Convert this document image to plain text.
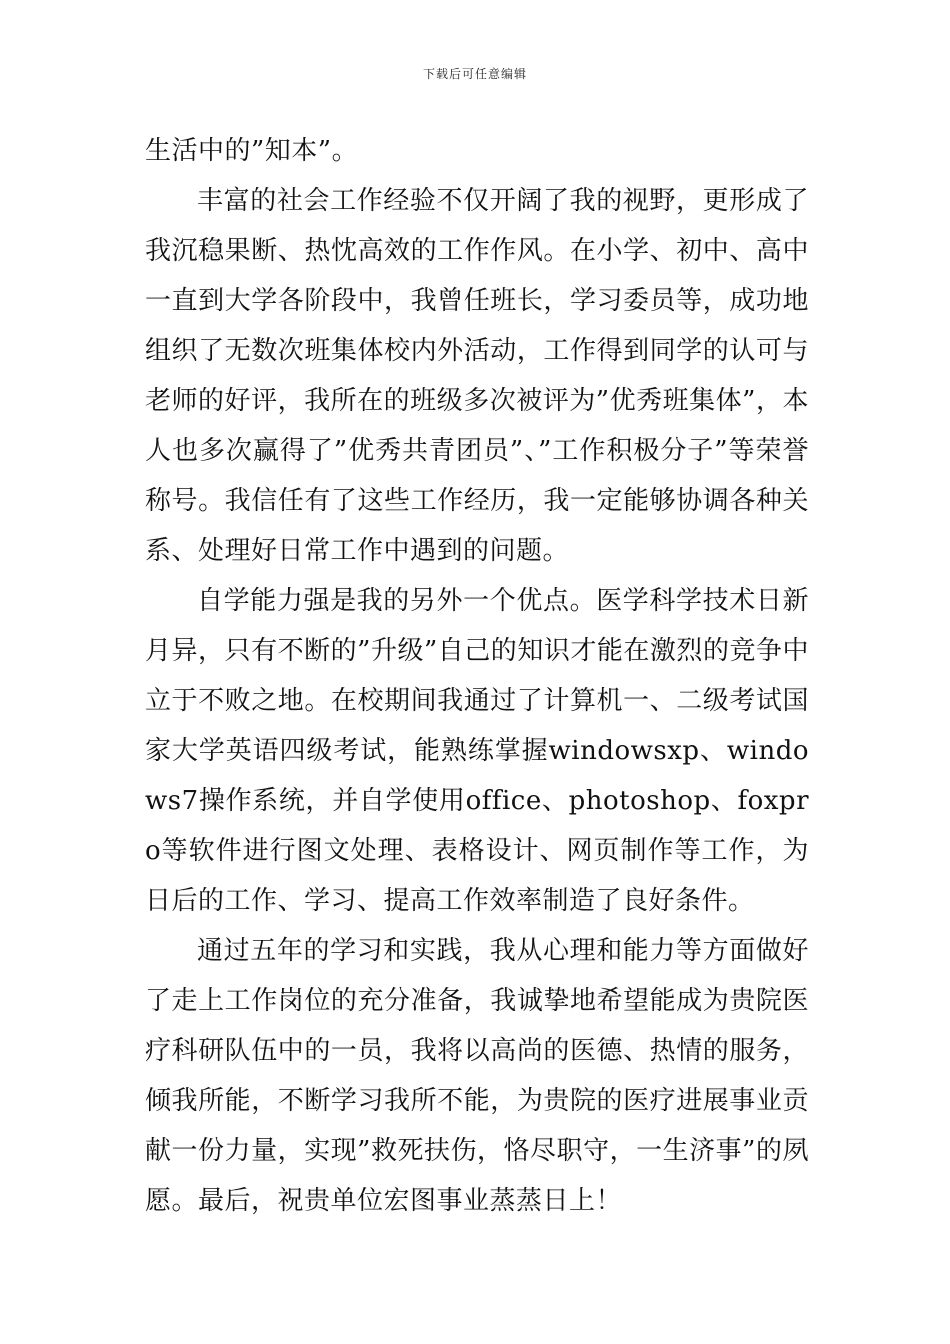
下载后可任意编辑

生活中的”知本”。

丰富的社会工作经验不仅开阔了我的视野，更形成了我沉稳果断、热忱高效的工作作风。在小学、初中、高中一直到大学各阶段中，我曾任班长，学习委员等，成功地组织了无数次班集体校内外活动，工作得到同学的认可与老师的好评，我所在的班级多次被评为”优秀班集体”，本人也多次赢得了”优秀共青团员”、”工作积极分子”等荣誉称号。我信任有了这些工作经历，我一定能够协调各种关系、处理好日常工作中遇到的问题。

自学能力强是我的另外一个优点。医学科学技术日新月异，只有不断的”升级”自己的知识才能在激烈的竞争中立于不败之地。在校期间我通过了计算机一、二级考试国家大学英语四级考试，能熟练掌握windowsxp、windows7操作系统，并自学使用office、photoshop、foxpro等软件进行图文处理、表格设计、网页制作等工作，为日后的工作、学习、提高工作效率制造了良好条件。

通过五年的学习和实践，我从心理和能力等方面做好了走上工作岗位的充分准备，我诚挚地希望能成为贵院医疗科研队伍中的一员，我将以高尚的医德、热情的服务，倾我所能，不断学习我所不能，为贵院的医疗进展事业贡献一份力量，实现”救死扶伤，恪尽职守，一生济事”的夙愿。最后，祝贵单位宏图事业蒸蒸日上！
